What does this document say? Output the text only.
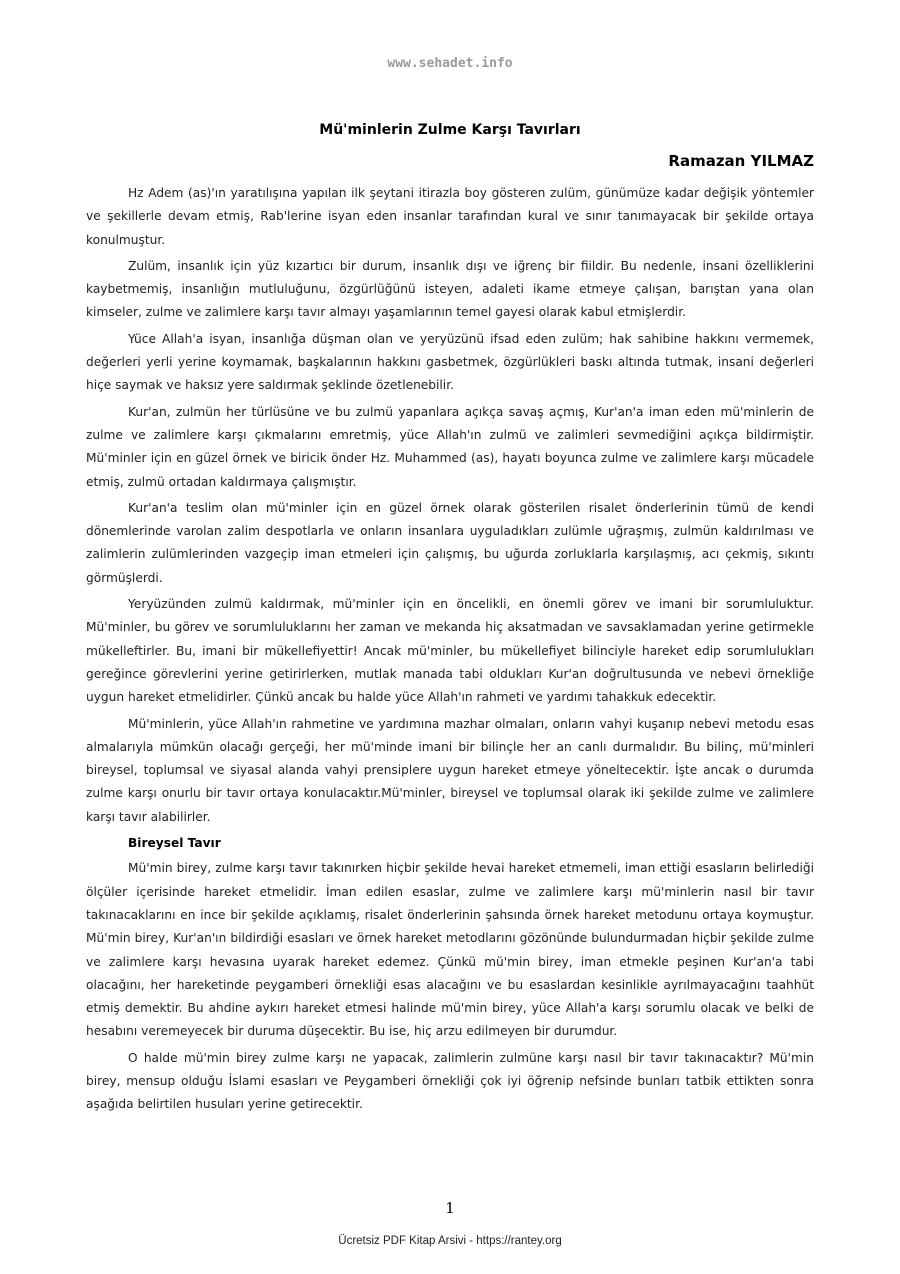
www.sehadet.info
Mü'minlerin Zulme Karşı Tavırları
Ramazan YILMAZ

Hz Adem (as)'ın yaratılışına yapılan ilk şeytani itirazla boy gösteren zulüm, günümüze kadar değişik yöntemler ve şekillerle devam etmiş, Rab'lerine isyan eden insanlar tarafından kural ve sınır tanımayacak bir şekilde ortaya konulmuştur.

Zulüm, insanlık için yüz kızartıcı bir durum, insanlık dışı ve iğrenç bir fiildir. Bu nedenle, insani özelliklerini kaybetmemiş, insanlığın mutluluğunu, özgürlüğünü isteyen, adaleti ikame etmeye çalışan, barıştan yana olan kimseler, zulme ve zalimlere karşı tavır almayı yaşamlarının temel gayesi olarak kabul etmişlerdir.

Yüce Allah'a isyan, insanlığa düşman olan ve yeryüzünü ifsad eden zulüm; hak sahibine hakkını vermemek, değerleri yerli yerine koymamak, başkalarının hakkını gasbetmek, özgürlükleri baskı altında tutmak, insani değerleri hiçe saymak ve haksız yere saldırmak şeklinde özetlenebilir.

Kur'an, zulmün her türlüsüne ve bu zulmü yapanlara açıkça savaş açmış, Kur'an'a iman eden mü'minlerin de zulme ve zalimlere karşı çıkmalarını emretmiş, yüce Allah'ın zulmü ve zalimleri sevmediğini açıkça bildirmiştir. Mü'minler için en güzel örnek ve biricik önder Hz. Muhammed (as), hayatı boyunca zulme ve zalimlere karşı mücadele etmiş, zulmü ortadan kaldırmaya çalışmıştır.

Kur'an'a teslim olan mü'minler için en güzel örnek olarak gösterilen risalet önderlerinin tümü de kendi dönemlerinde varolan zalim despotlarla ve onların insanlara uyguladıkları zulümle uğraşmış, zulmün kaldırılması ve zalimlerin zulümlerinden vazgeçip iman etmeleri için çalışmış, bu uğurda zorluklarla karşılaşmış, acı çekmiş, sıkıntı görmüşlerdi.

Yeryüzünden zulmü kaldırmak, mü'minler için en öncelikli, en önemli görev ve imani bir sorumluluktur. Mü'minler, bu görev ve sorumluluklarını her zaman ve mekanda hiç aksatmadan ve savsaklamadan yerine getirmekle mükelleftirler. Bu, imani bir mükellefiyettir! Ancak mü'minler, bu mükellefiyet bilinciyle hareket edip sorumlulukları gereğince görevlerini yerine getirirlerken, mutlak manada tabi oldukları Kur'an doğrultusunda ve nebevi örnekliğe uygun hareket etmelidirler. Çünkü ancak bu halde yüce Allah'ın rahmeti ve yardımı tahakkuk edecektir.

Mü'minlerin, yüce Allah'ın rahmetine ve yardımına mazhar olmaları, onların vahyi kuşanıp nebevi metodu esas almalarıyla mümkün olacağı gerçeği, her mü'minde imani bir bilinçle her an canlı durmalıdır. Bu bilinç, mü'minleri bireysel, toplumsal ve siyasal alanda vahyi prensiplere uygun hareket etmeye yöneltecektir. İşte ancak o durumda zulme karşı onurlu bir tavır ortaya konulacaktır.Mü'minler, bireysel ve toplumsal olarak iki şekilde zulme ve zalimlere karşı tavır alabilirler.

Bireysel Tavır

Mü'min birey, zulme karşı tavır takınırken hiçbir şekilde hevai hareket etmemeli, iman ettiği esasların belirlediği ölçüler içerisinde hareket etmelidir. İman edilen esaslar, zulme ve zalimlere karşı mü'minlerin nasıl bir tavır takınacaklarını en ince bir şekilde açıklamış, risalet önderlerinin şahsında örnek hareket metodunu ortaya koymuştur. Mü'min birey, Kur'an'ın bildirdiği esasları ve örnek hareket metodlarını gözönünde bulundurmadan hiçbir şekilde zulme ve zalimlere karşı hevasına uyarak hareket edemez. Çünkü mü'min birey, iman etmekle peşinen Kur'an'a tabi olacağını, her hareketinde peygamberi örnekliği esas alacağını ve bu esaslardan kesinlikle ayrılmayacağını taahhüt etmiş demektir. Bu ahdine aykırı hareket etmesi halinde mü'min birey, yüce Allah'a karşı sorumlu olacak ve belki de hesabını veremeyecek bir duruma düşecektir. Bu ise, hiç arzu edilmeyen bir durumdur.

O halde mü'min birey zulme karşı ne yapacak, zalimlerin zulmüne karşı nasıl bir tavır takınacaktır? Mü'min birey, mensup olduğu İslami esasları ve Peygamberi örnekliği çok iyi öğrenip nefsinde bunları tatbik ettikten sonra aşağıda belirtilen husuları yerine getirecektir.

1
Ücretsiz PDF Kitap Arsivi - https://rantey.org
